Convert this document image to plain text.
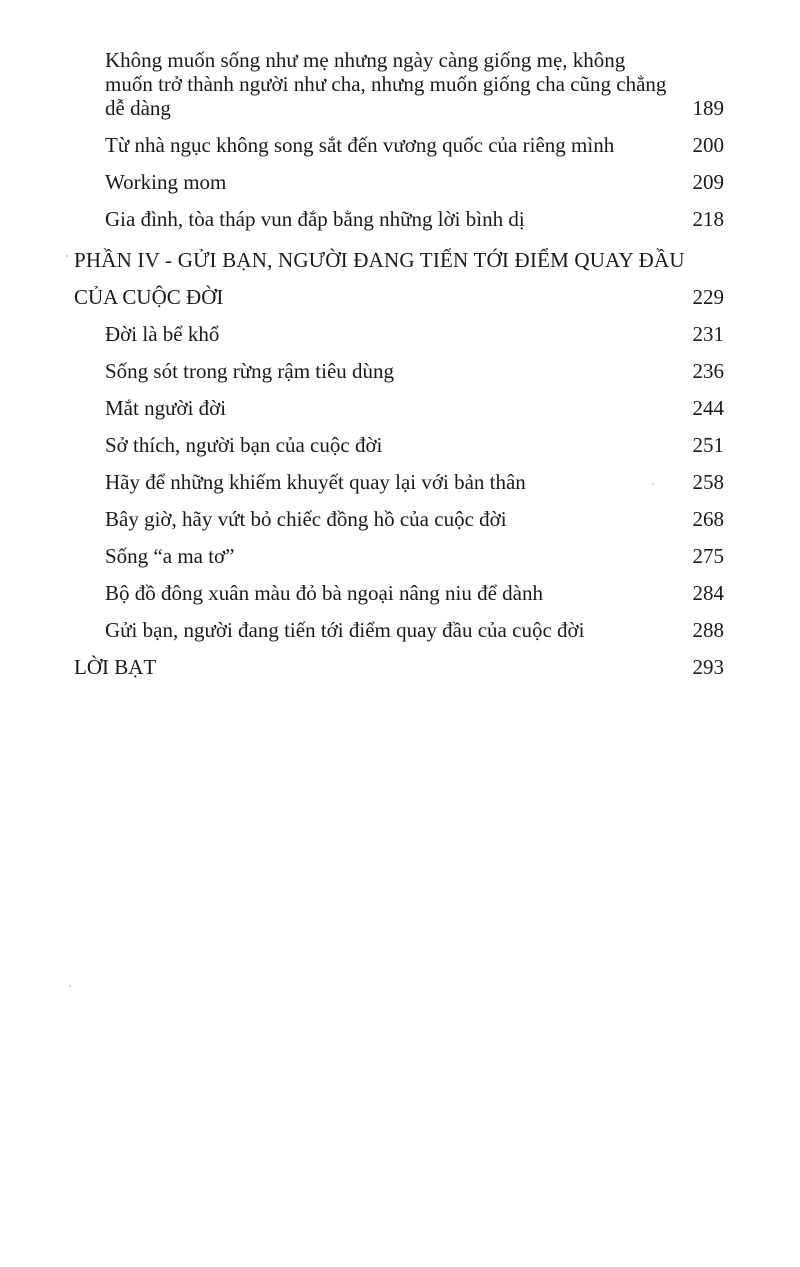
Không muốn sống như mẹ nhưng ngày càng giống mẹ, không muốn trở thành người như cha, nhưng muốn giống cha cũng chẳng dễ dàng	189
Từ nhà ngục không song sắt đến vương quốc của riêng mình	200
Working mom	209
Gia đình, tòa tháp vun đắp bằng những lời bình dị	218
PHẦN IV - GỬI BẠN, NGƯỜI ĐANG TIẾN TỚI ĐIỂM QUAY ĐẦU
CỦA CUỘC ĐỜI	229
Đời là bể khổ	231
Sống sót trong rừng rậm tiêu dùng	236
Mắt người đời	244
Sở thích, người bạn của cuộc đời	251
Hãy để những khiếm khuyết quay lại với bản thân	258
Bây giờ, hãy vứt bỏ chiếc đồng hồ của cuộc đời	268
Sống “a ma tơ”	275
Bộ đồ đông xuân màu đỏ bà ngoại nâng niu để dành	284
Gửi bạn, người đang tiến tới điểm quay đầu của cuộc đời	288
LỜI BẠT	293
